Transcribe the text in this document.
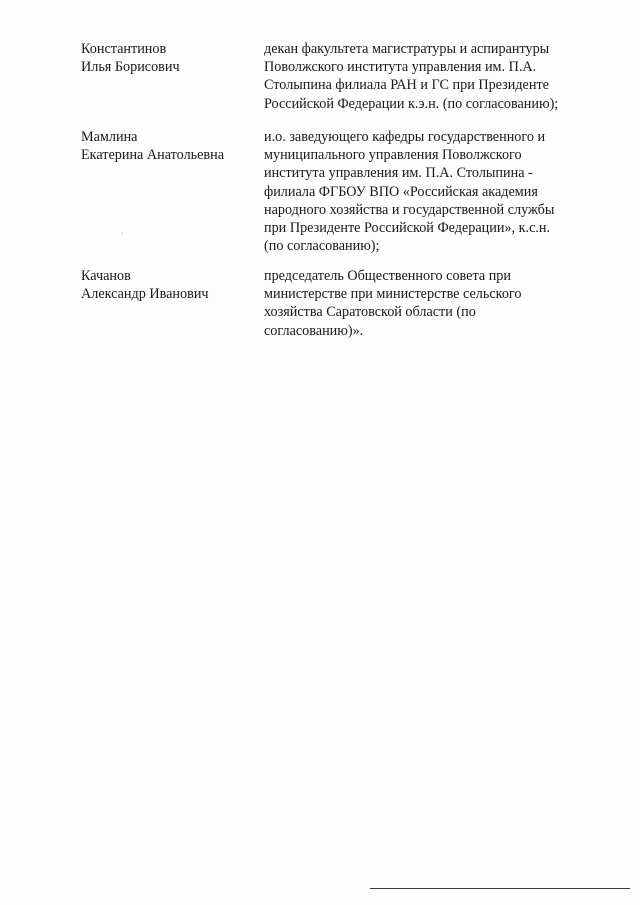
Константинов
Илья Борисович
декан факультета магистратуры и аспирантуры
Поволжского института управления им. П.А.
Столыпина филиала РАН и ГС при Президенте
Российской Федерации к.э.н. (по согласованию);
Мамлина
Екатерина Анатольевна
и.о. заведующего кафедры государственного и
муниципального управления Поволжского
института управления им. П.А. Столыпина -
филиала ФГБОУ ВПО «Российская академия
народного хозяйства и государственной службы
при Президенте Российской Федерации», к.с.н.
(по согласованию);
Качанов
Александр Иванович
председатель Общественного совета при
министерстве при министерстве сельского
хозяйства Саратовской области (по
согласованию)».
